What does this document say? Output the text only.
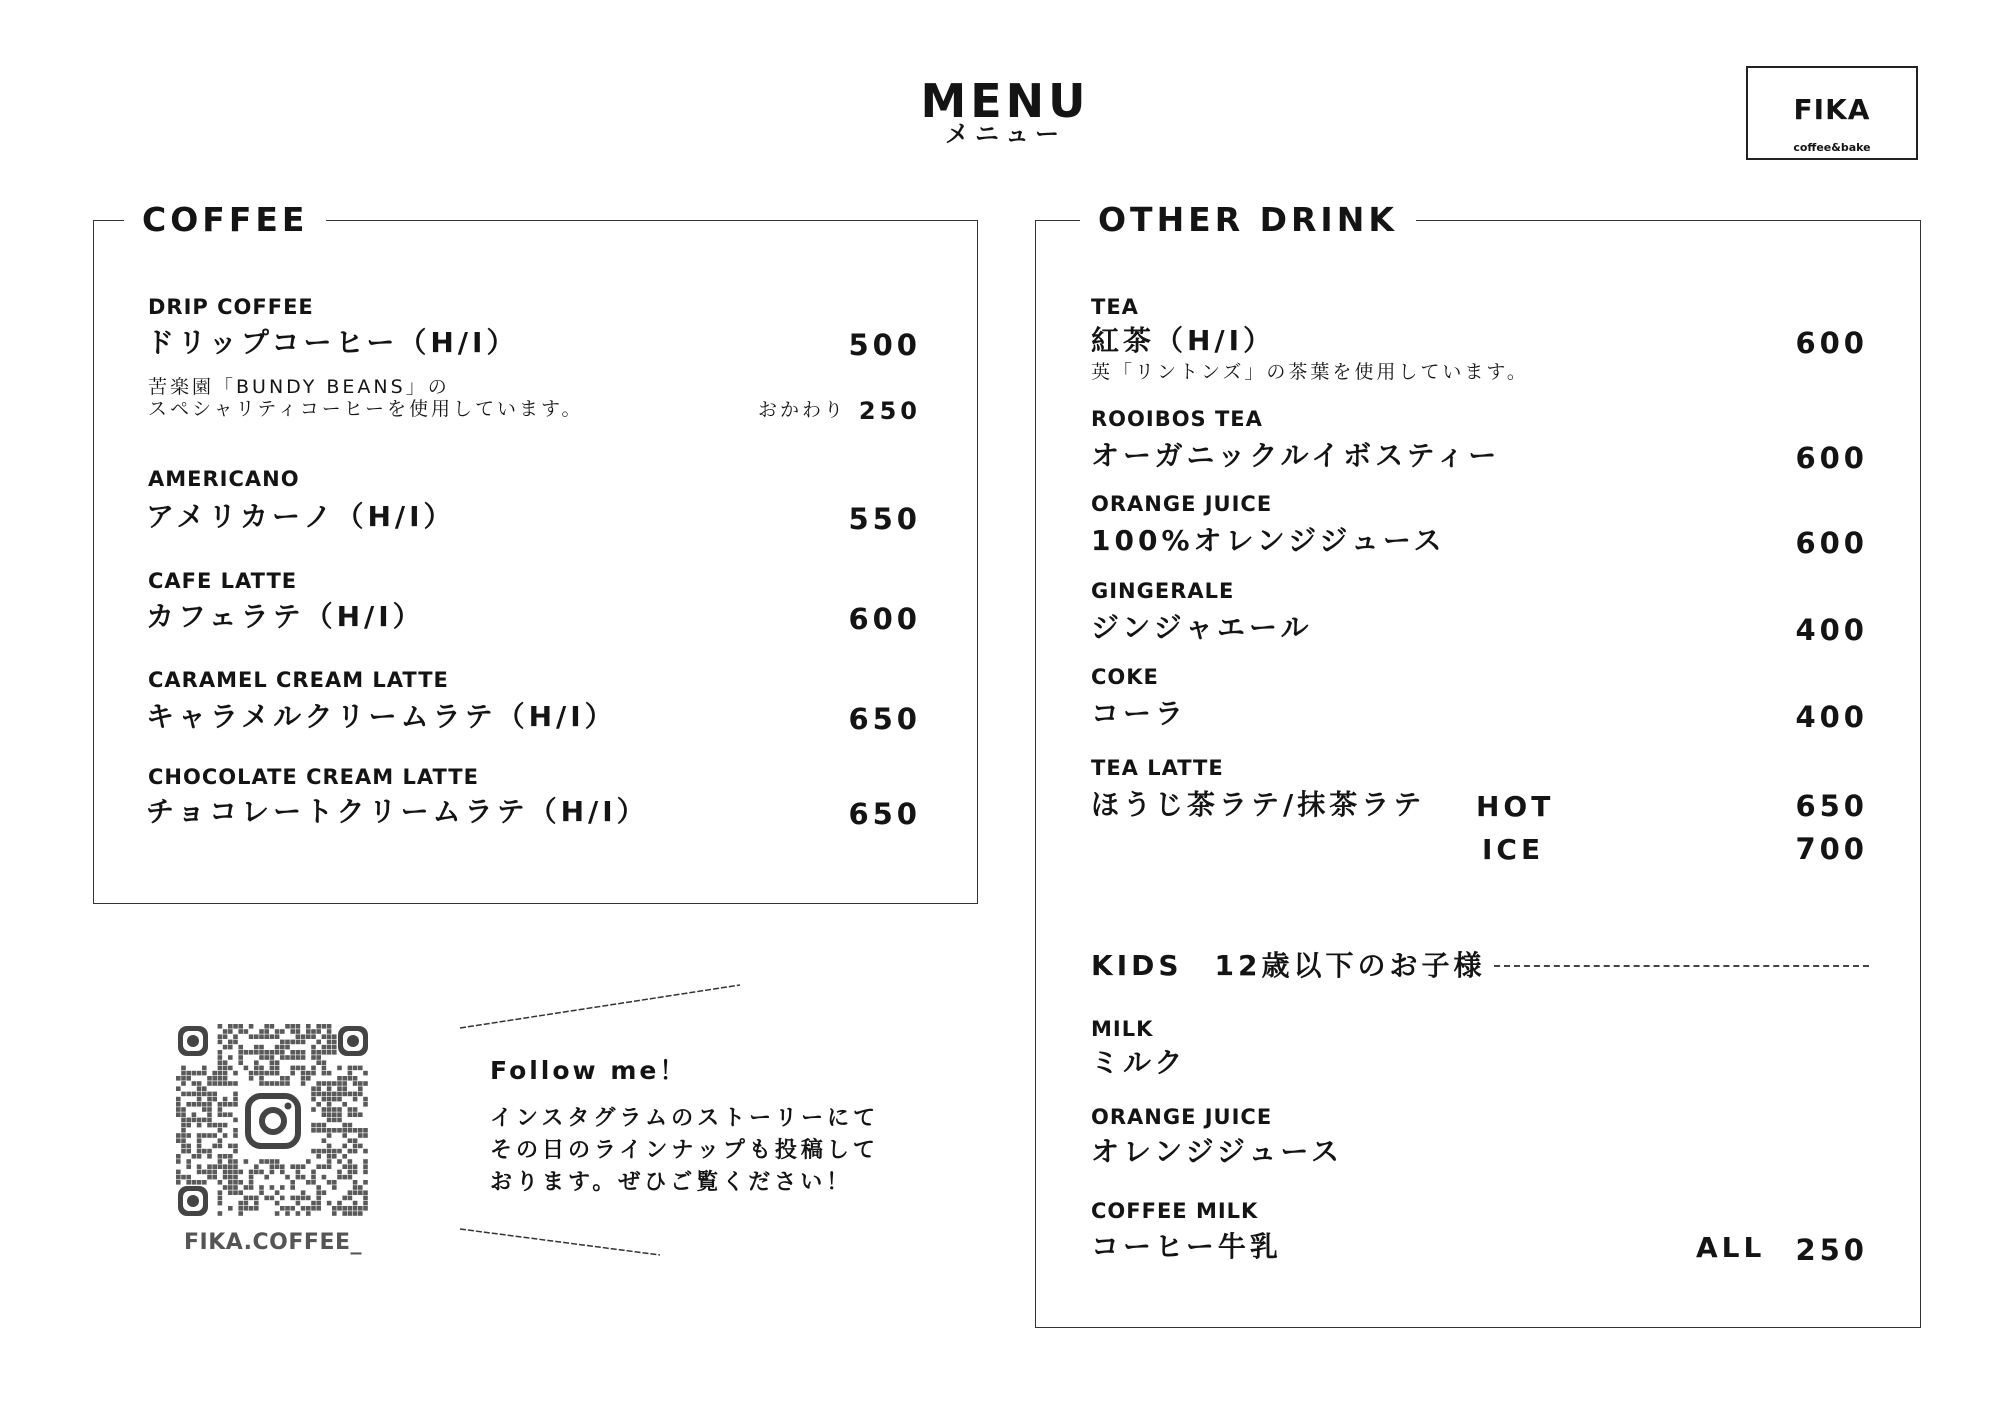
MENU
メニュー
FIKA
coffee&bake
COFFEE
DRIP COFFEE
ドリップコーヒー（H/I）	500
苦楽園「BUNDY BEANS」の
スペシャリティコーヒーを使用しています。	おかわり 250
AMERICANO
アメリカーノ（H/I）	550
CAFE LATTE
カフェラテ（H/I）	600
CARAMEL CREAM LATTE
キャラメルクリームラテ（H/I）	650
CHOCOLATE CREAM LATTE
チョコレートクリームラテ（H/I）	650
OTHER DRINK
TEA
紅茶（H/I）	600
英「リントンズ」の茶葉を使用しています。
ROOIBOS TEA
オーガニックルイボスティー	600
ORANGE JUICE
100%オレンジジュース	600
GINGERALE
ジンジャエール	400
COKE
コーラ	400
TEA LATTE
ほうじ茶ラテ/抹茶ラテ HOT	650
ICE	700
KIDS　12歳以下のお子様
MILK
ミルク
ORANGE JUICE
オレンジジュース
COFFEE MILK
コーヒー牛乳	ALL 250
FIKA.COFFEE_
Follow me！
インスタグラムのストーリーにて
その日のラインナップも投稿して
おります。ぜひご覧ください！
